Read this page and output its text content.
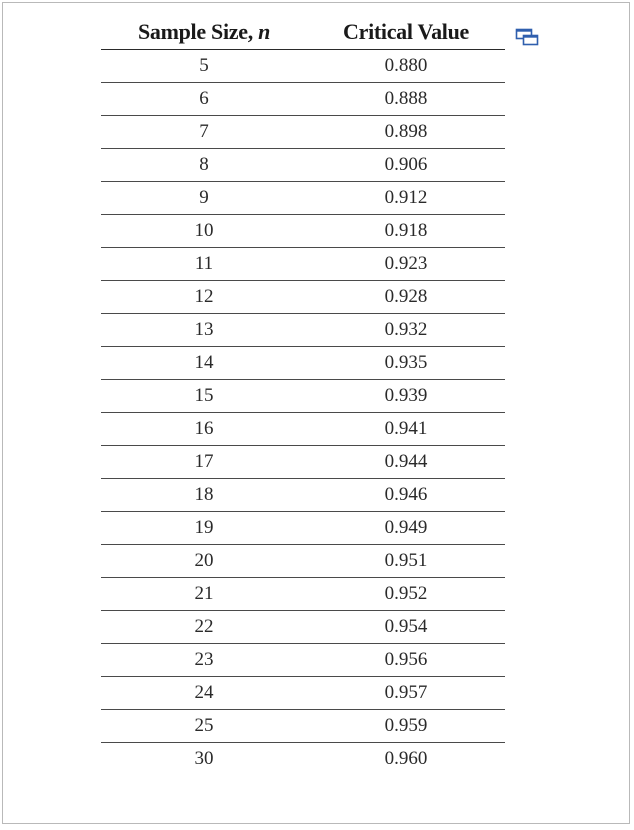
Sample Size, n	Critical Value
5	0.880
6	0.888
7	0.898
8	0.906
9	0.912
10	0.918
11	0.923
12	0.928
13	0.932
14	0.935
15	0.939
16	0.941
17	0.944
18	0.946
19	0.949
20	0.951
21	0.952
22	0.954
23	0.956
24	0.957
25	0.959
30	0.960
